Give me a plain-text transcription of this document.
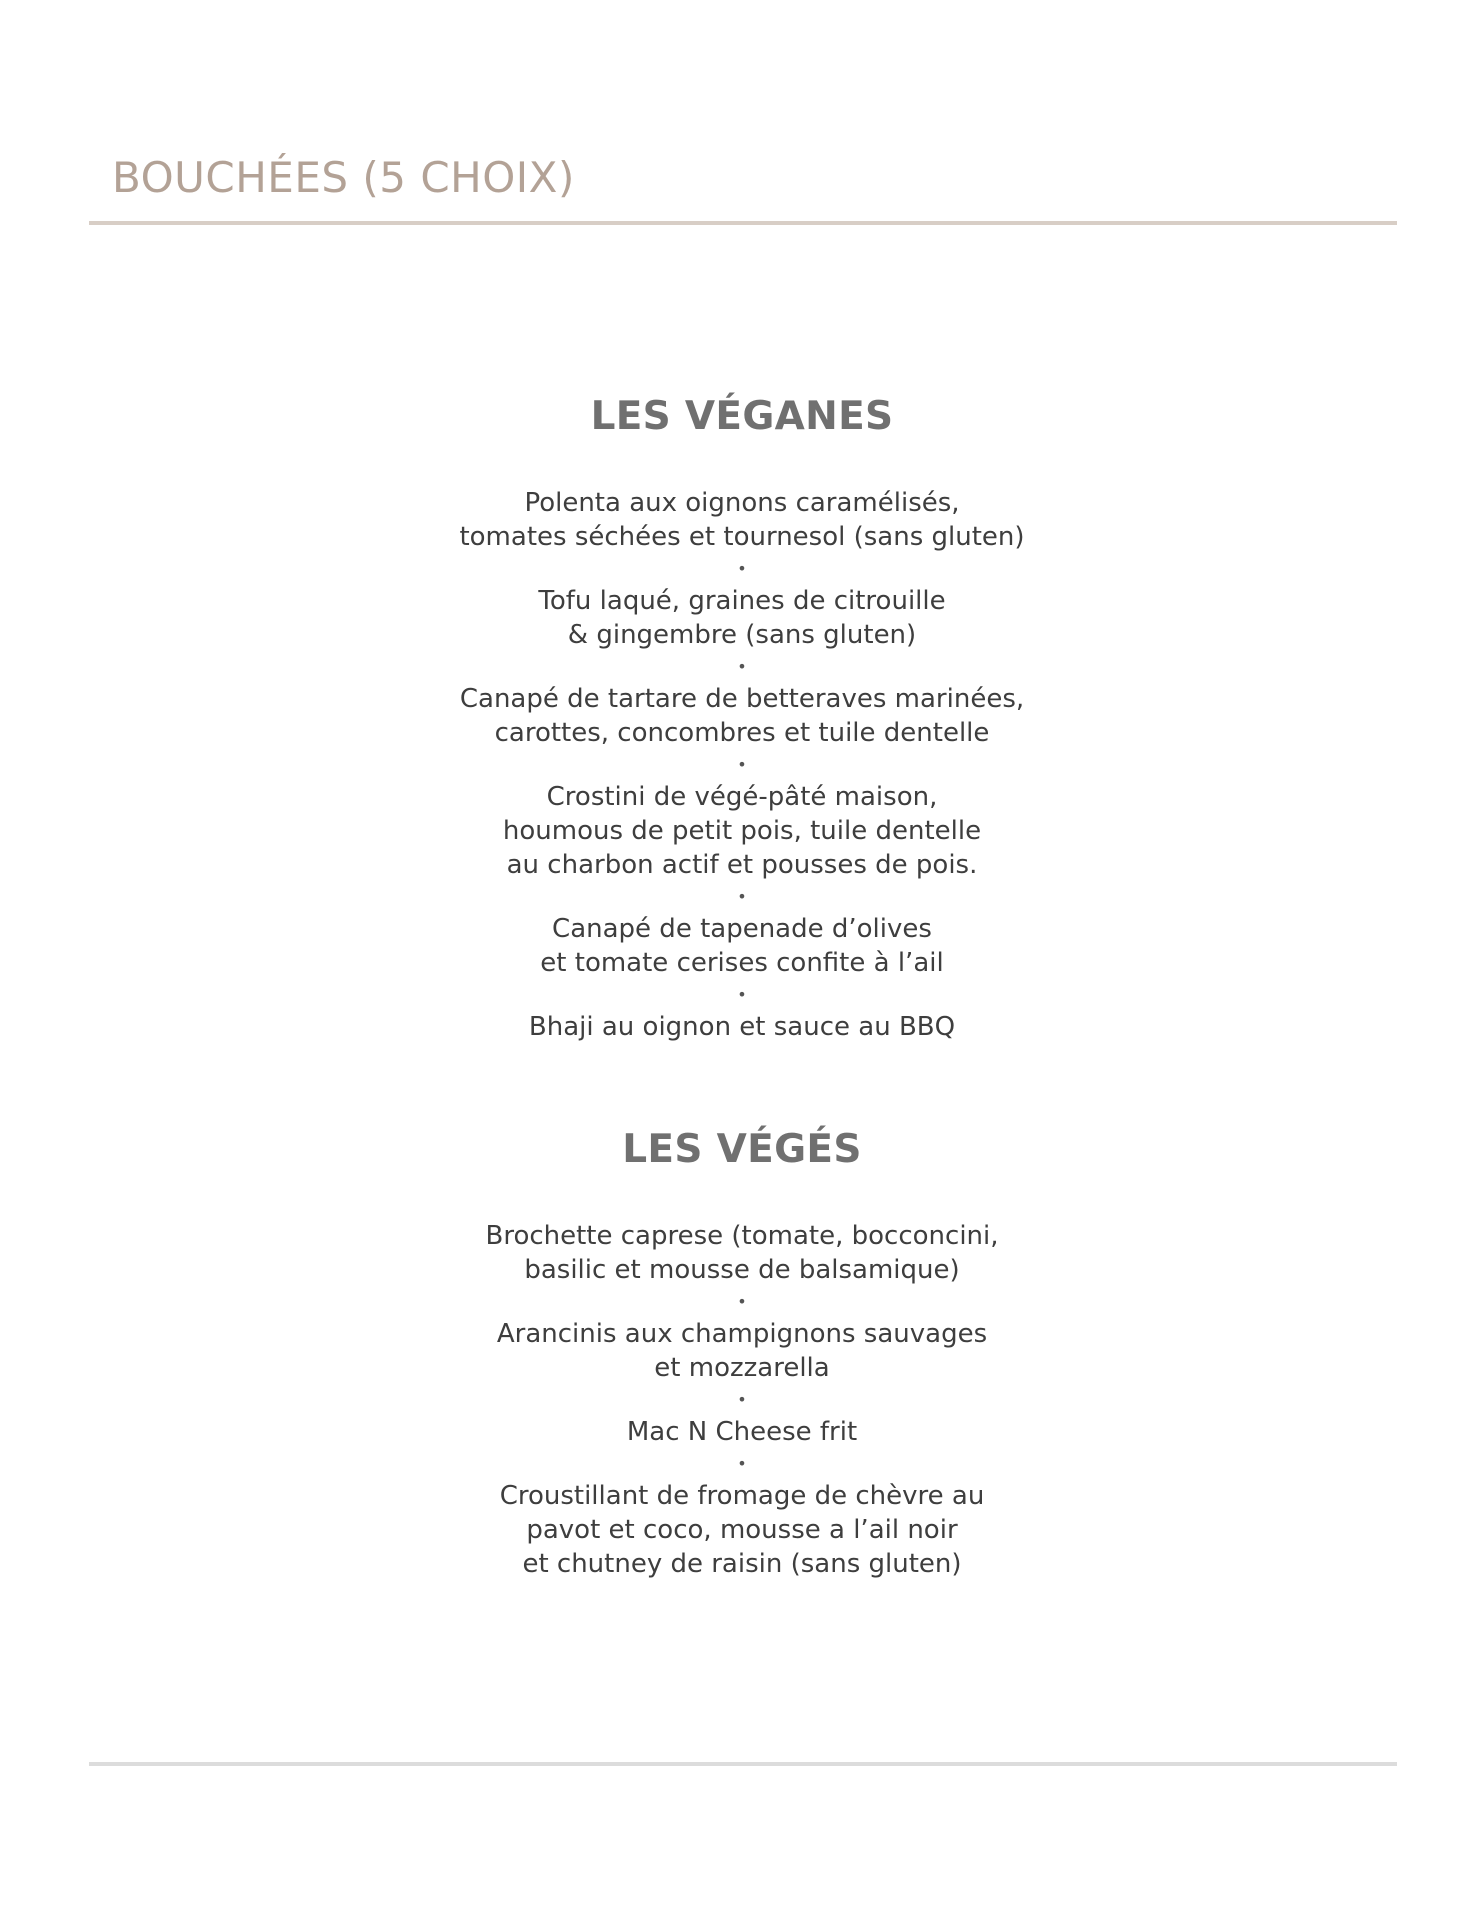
BOUCHÉES (5 CHOIX)
LES VÉGANES

Polenta aux oignons caramélisés,
tomates séchées et tournesol (sans gluten)

•

Tofu laqué, graines de citrouille
& gingembre (sans gluten)

•

Canapé de tartare de betteraves marinées,
carottes, concombres et tuile dentelle

•

Crostini de végé-pâté maison,
houmous de petit pois, tuile dentelle
au charbon actif et pousses de pois.

•

Canapé de tapenade d’olives
et tomate cerises confite à l’ail

•

Bhaji au oignon et sauce au BBQ

LES VÉGÉS

Brochette caprese (tomate, bocconcini,
basilic et mousse de balsamique)

•

Arancinis aux champignons sauvages
et mozzarella

•

Mac N Cheese frit

•

Croustillant de fromage de chèvre au
pavot et coco, mousse a l’ail noir
et chutney de raisin (sans gluten)
